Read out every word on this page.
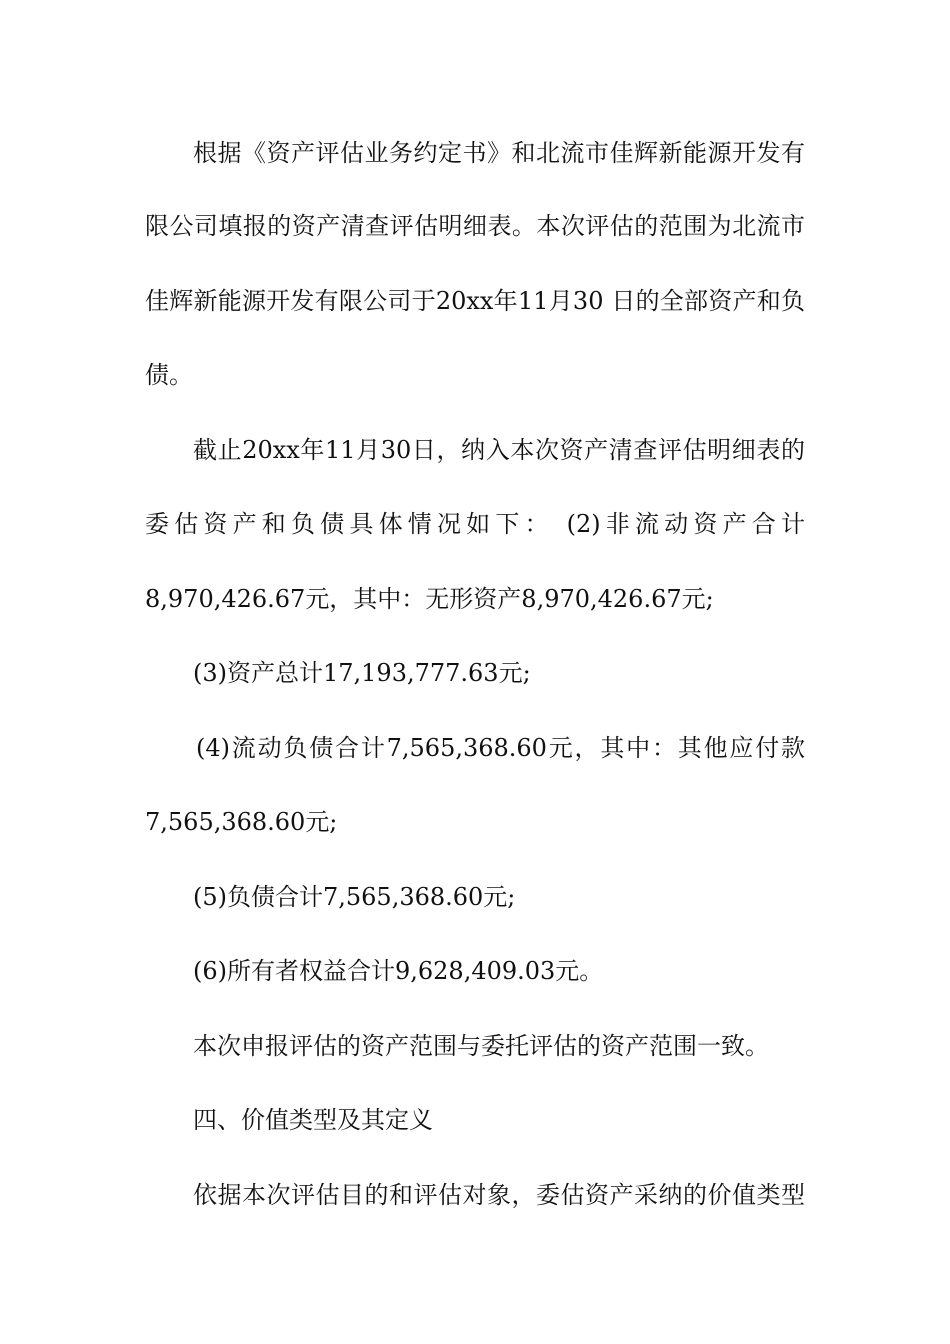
根据《资产评估业务约定书》和北流市佳辉新能源开发有
限公司填报的资产清查评估明细表。本次评估的范围为北流市
佳辉新能源开发有限公司于20xx年11月30 日的全部资产和负
债。
截止20xx年11月30日，纳入本次资产清查评估明细表的
委估资产和负债具体情况如下： (2)非流动资产合计
8,970,426.67元，其中：无形资产8,970,426.67元;
(3)资产总计17,193,777.63元;
(4)流动负债合计7,565,368.60元，其中：其他应付款
7,565,368.60元;
(5)负债合计7,565,368.60元;
(6)所有者权益合计9,628,409.03元。
本次申报评估的资产范围与委托评估的资产范围一致。
四、价值类型及其定义
依据本次评估目的和评估对象，委估资产采纳的价值类型
